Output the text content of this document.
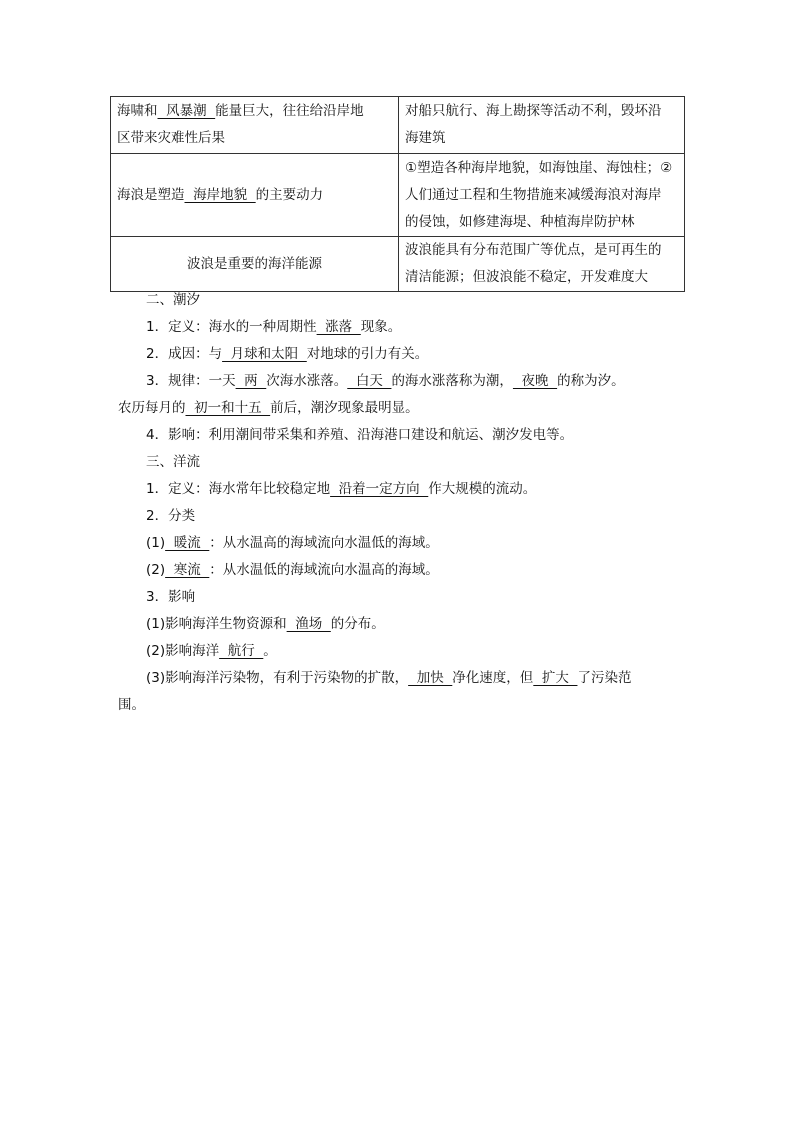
海啸和  风暴潮  能量巨大，往往给沿岸地
区带来灾难性后果	对船只航行、海上勘探等活动不利，毁坏沿
海建筑
海浪是塑造  海岸地貌  的主要动力	①塑造各种海岸地貌，如海蚀崖、海蚀柱；②
人们通过工程和生物措施来减缓海浪对海岸
的侵蚀，如修建海堤、种植海岸防护林
波浪是重要的海洋能源	波浪能具有分布范围广等优点，是可再生的
清洁能源；但波浪能不稳定，开发难度大
二、潮汐
1．定义：海水的一种周期性  涨落  现象。
2．成因：与  月球和太阳  对地球的引力有关。
3．规律：一天  两  次海水涨落。  白天  的海水涨落称为潮，  夜晚  的称为汐。
农历每月的  初一和十五  前后，潮汐现象最明显。
4．影响：利用潮间带采集和养殖、沿海港口建设和航运、潮汐发电等。
三、洋流
1．定义：海水常年比较稳定地  沿着一定方向  作大规模的流动。
2．分类
(1)  暖流  ：从水温高的海域流向水温低的海域。
(2)  寒流  ：从水温低的海域流向水温高的海域。
3．影响
(1)影响海洋生物资源和  渔场  的分布。
(2)影响海洋  航行  。
(3)影响海洋污染物，有利于污染物的扩散，  加快  净化速度，但  扩大  了污染范
围。
